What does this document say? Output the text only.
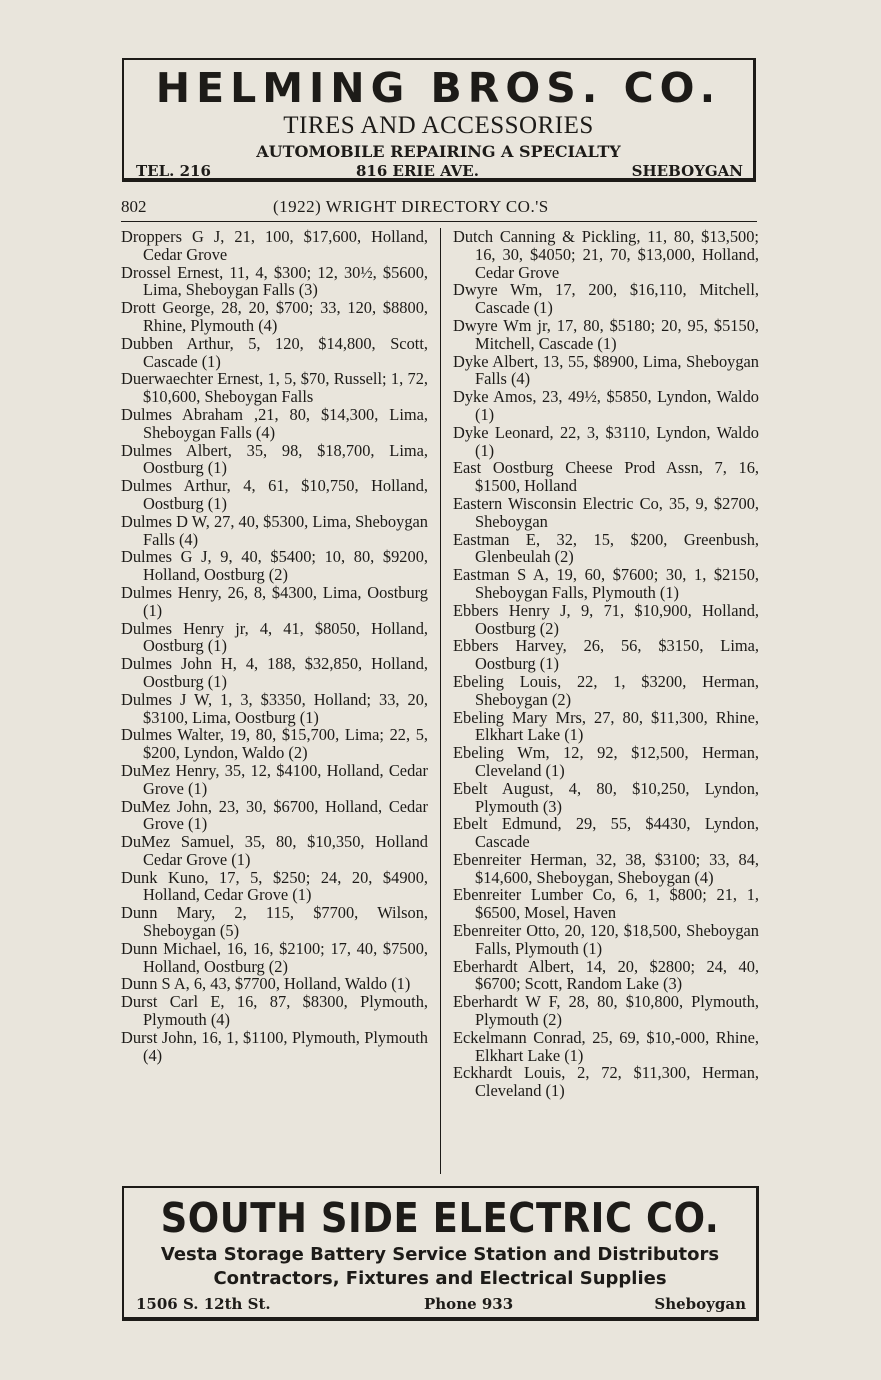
HELMING BROS. CO.
TIRES AND ACCESSORIES
AUTOMOBILE REPAIRING A SPECIALTY
TEL. 216	816 ERIE AVE.	SHEBOYGAN
802	(1922) WRIGHT DIRECTORY CO.'S
Droppers G J, 21, 100, $17,600, Holland, Cedar Grove
Drossel Ernest, 11, 4, $300; 12, 30½, $5600, Lima, Sheboygan Falls (3)
Drott George, 28, 20, $700; 33, 120, $8800, Rhine, Plymouth (4)
Dubben Arthur, 5, 120, $14,800, Scott, Cascade (1)
Duerwaechter Ernest, 1, 5, $70, Russell; 1, 72, $10,600, Sheboygan Falls
Dulmes Abraham ,21, 80, $14,300, Lima, Sheboygan Falls (4)
Dulmes Albert, 35, 98, $18,700, Lima, Oostburg (1)
Dulmes Arthur, 4, 61, $10,750, Holland, Oostburg (1)
Dulmes D W, 27, 40, $5300, Lima, Sheboygan Falls (4)
Dulmes G J, 9, 40, $5400; 10, 80, $9200, Holland, Oostburg (2)
Dulmes Henry, 26, 8, $4300, Lima, Oostburg (1)
Dulmes Henry jr, 4, 41, $8050, Holland, Oostburg (1)
Dulmes John H, 4, 188, $32,850, Holland, Oostburg (1)
Dulmes J W, 1, 3, $3350, Holland; 33, 20, $3100, Lima, Oostburg (1)
Dulmes Walter, 19, 80, $15,700, Lima; 22, 5, $200, Lyndon, Waldo (2)
DuMez Henry, 35, 12, $4100, Holland, Cedar Grove (1)
DuMez John, 23, 30, $6700, Holland, Cedar Grove (1)
DuMez Samuel, 35, 80, $10,350, Holland Cedar Grove (1)
Dunk Kuno, 17, 5, $250; 24, 20, $4900, Holland, Cedar Grove (1)
Dunn Mary, 2, 115, $7700, Wilson, Sheboygan (5)
Dunn Michael, 16, 16, $2100; 17, 40, $7500, Holland, Oostburg (2)
Dunn S A, 6, 43, $7700, Holland, Waldo (1)
Durst Carl E, 16, 87, $8300, Plymouth, Plymouth (4)
Durst John, 16, 1, $1100, Plymouth, Plymouth (4)
Dutch Canning & Pickling, 11, 80, $13,500; 16, 30, $4050; 21, 70, $13,000, Holland, Cedar Grove
Dwyre Wm, 17, 200, $16,110, Mitchell, Cascade (1)
Dwyre Wm jr, 17, 80, $5180; 20, 95, $5150, Mitchell, Cascade (1)
Dyke Albert, 13, 55, $8900, Lima, Sheboygan Falls (4)
Dyke Amos, 23, 49½, $5850, Lyndon, Waldo (1)
Dyke Leonard, 22, 3, $3110, Lyndon, Waldo (1)
East Oostburg Cheese Prod Assn, 7, 16, $1500, Holland
Eastern Wisconsin Electric Co, 35, 9, $2700, Sheboygan
Eastman E, 32, 15, $200, Greenbush, Glenbeulah (2)
Eastman S A, 19, 60, $7600; 30, 1, $2150, Sheboygan Falls, Plymouth (1)
Ebbers Henry J, 9, 71, $10,900, Holland, Oostburg (2)
Ebbers Harvey, 26, 56, $3150, Lima, Oostburg (1)
Ebeling Louis, 22, 1, $3200, Herman, Sheboygan (2)
Ebeling Mary Mrs, 27, 80, $11,300, Rhine, Elkhart Lake (1)
Ebeling Wm, 12, 92, $12,500, Herman, Cleveland (1)
Ebelt August, 4, 80, $10,250, Lyndon, Plymouth (3)
Ebelt Edmund, 29, 55, $4430, Lyndon, Cascade
Ebenreiter Herman, 32, 38, $3100; 33, 84, $14,600, Sheboygan, Sheboygan (4)
Ebenreiter Lumber Co, 6, 1, $800; 21, 1, $6500, Mosel, Haven
Ebenreiter Otto, 20, 120, $18,500, Sheboygan Falls, Plymouth (1)
Eberhardt Albert, 14, 20, $2800; 24, 40, $6700; Scott, Random Lake (3)
Eberhardt W F, 28, 80, $10,800, Plymouth, Plymouth (2)
Eckelmann Conrad, 25, 69, $10,-000, Rhine, Elkhart Lake (1)
Eckhardt Louis, 2, 72, $11,300, Herman, Cleveland (1)
SOUTH SIDE ELECTRIC CO.
Vesta Storage Battery Service Station and Distributors
Contractors, Fixtures and Electrical Supplies
1506 S. 12th St.	Phone 933	Sheboygan
